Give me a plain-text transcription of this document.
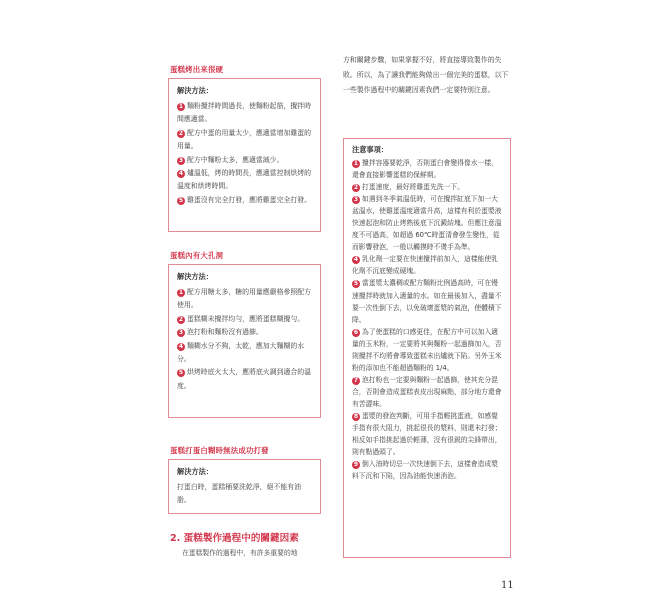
蛋糕烤出来很硬
解決方法：
1 麵粉攪拌時間過長，使麵粉起筋，攪拌時間應適當。
2 配方中蛋的用量太少，應適當增加雞蛋的用量。
3 配方中麵粉太多，應適當減少。
4 爐溫低，烤的時間長，應適當控制烘烤的溫度和烘烤時間。
5 雞蛋沒有完全打發，應將雞蛋完全打發。
蛋糕內有大孔洞
解決方法：
1 配方用糖太多，糖的用量應嚴格參照配方使用。
2 蛋糕糊未攪拌均勻，應將蛋糕糊攪勻。
3 泡打粉和麵粉沒有過篩。
4 麵糊水分不夠，太乾，應加大麵糊的水分。
5 烘烤時底火太大，應將底火調到適合的溫度。
蛋糕打蛋白糊時無法成功打發
解決方法：
打蛋白時，蛋糕桶要洗乾淨，絕不能有油脂。
2. 蛋糕製作過程中的關鍵因素
在蛋糕製作的過程中，有許多重要的地
方和關鍵步驟，如果掌握不好，將直接導致製作的失敗。所以，為了讓我們能夠做出一個完美的蛋糕，以下一些製作過程中的關鍵因素我們一定要特別注意。
注意事項：
1 攪拌容器要乾淨，否則蛋白會變得像水一樣，還會直接影響蛋糕的保鮮期。
2 打蛋速度，最好將雞蛋先洗一下。
3 如遇到冬季氣溫低時，可在攪拌缸底下加一大盆溫水，使雞蛋溫度適當升高，這樣有利於蛋漿液快速起泡和防止烤熟後底下沉澱結塊。但應注意溫度不可過高，如超過 60℃時蛋清會發生變性，從而影響發泡，一般以觸摸時不燙手為準。
4 乳化劑一定要在快速攪拌前加入，這樣能使乳化劑不沉底變成硬塊。
5 當蛋漿太濃稠或配方麵粉比例過高時，可在慢速攪拌時就加入適量的水。如在最後加入，盡量不要一次性倒下去，以免破壞蛋漿的氣泡，使體積下降。
6 為了使蛋糕的口感更佳，在配方中可以加入適量的玉米粉，一定要將其與麵粉一起過篩加入，否則攪拌不均將會導致蛋糕未出爐就下陷。另外玉米粉的添加也不能超過麵粉的 1/4。
7 泡打粉也一定要與麵粉一起過篩，使其充分混合，否則會造成蛋糕表皮出現麻點，部分地方還會有苦澀味。
8 蛋漿的發泡判斷，可用手指輕挑蛋液，如感覺手指有很大阻力，挑起很長的漿料，則還未打發；相反如手指挑起過於輕薄，沒有很鋭的尖鋒帶出，則有點過頭了。
9 倒入油時切忌一次快速倒下去，這樣會造成漿料下沉和下陷，因為油能快速消泡。
11
